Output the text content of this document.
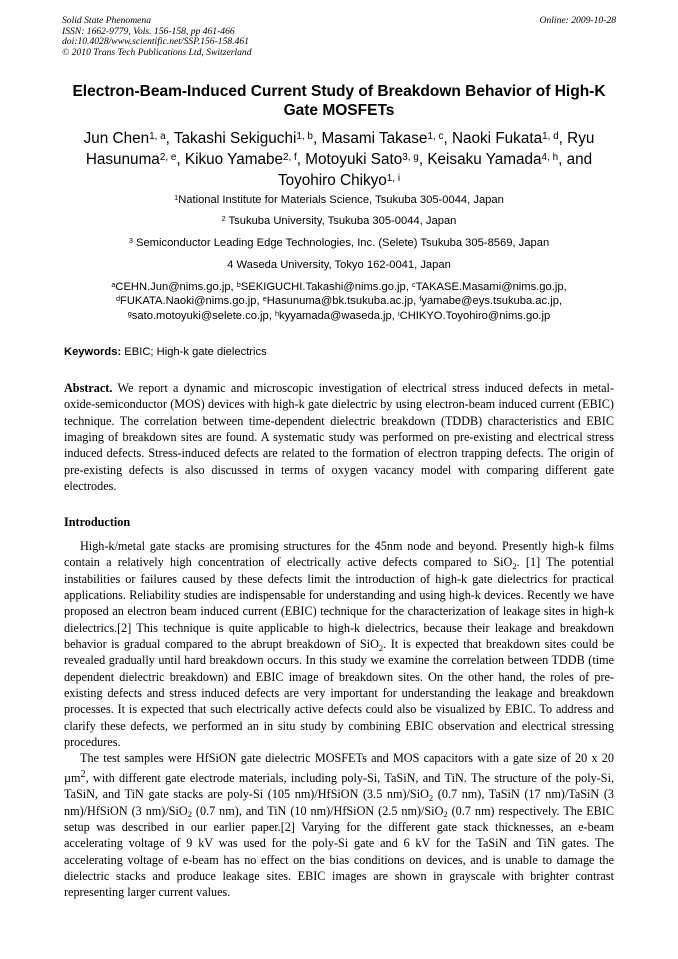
Solid State Phenomena
ISSN: 1662-9779, Vols. 156-158, pp 461-466
doi:10.4028/www.scientific.net/SSP.156-158.461
© 2010 Trans Tech Publications Ltd, Switzerland
Online: 2009-10-28
Electron-Beam-Induced Current Study of Breakdown Behavior of High-K Gate MOSFETs
Jun Chen$^{1, a}$, Takashi Sekiguchi$^{1, b}$, Masami Takase$^{1, c}$, Naoki Fukata$^{1, d}$, Ryu Hasunuma$^{2, e}$, Kikuo Yamabe$^{2, f}$, Motoyuki Sato$^{3, g}$, Keisaku Yamada$^{4, h}$, and Toyohiro Chikyo$^{1, i}$
$^1$National Institute for Materials Science, Tsukuba 305-0044, Japan
$^2$ Tsukuba University, Tsukuba 305-0044, Japan
$^3$ Semiconductor Leading Edge Technologies, Inc. (Selete) Tsukuba 305-8569, Japan
4 Waseda University, Tokyo 162-0041, Japan
$^a$CEHN.Jun@nims.go.jp, $^b$SEKIGUCHI.Takashi@nims.go.jp, $^c$TAKASE.Masami@nims.go.jp,
$^d$FUKATA.Naoki@nims.go.jp, $^e$Hasunuma@bk.tsukuba.ac.jp, $^f$yamabe@eys.tsukuba.ac.jp,
$^g$sato.motoyuki@selete.co.jp, $^h$kyyamada@waseda.jp, $^i$CHIKYO.Toyohiro@nims.go.jp
Keywords: EBIC; High-k gate dielectrics

Abstract. We report a dynamic and microscopic investigation of electrical stress induced defects in metal-oxide-semiconductor (MOS) devices with high-k gate dielectric by using electron-beam induced current (EBIC) technique. The correlation between time-dependent dielectric breakdown (TDDB) characteristics and EBIC imaging of breakdown sites are found. A systematic study was performed on pre-existing and electrical stress induced defects. Stress-induced defects are related to the formation of electron trapping defects. The origin of pre-existing defects is also discussed in terms of oxygen vacancy model with comparing different gate electrodes.

Introduction

High-k/metal gate stacks are promising structures for the 45nm node and beyond. Presently high-k films contain a relatively high concentration of electrically active defects compared to SiO$_2$. [1] The potential instabilities or failures caused by these defects limit the introduction of high-k gate dielectrics for practical applications. Reliability studies are indispensable for understanding and using high-k devices. Recently we have proposed an electron beam induced current (EBIC) technique for the characterization of leakage sites in high-k dielectrics.[2] This technique is quite applicable to high-k dielectrics, because their leakage and breakdown behavior is gradual compared to the abrupt breakdown of SiO$_2$. It is expected that breakdown sites could be revealed gradually until hard breakdown occurs. In this study we examine the correlation between TDDB (time dependent dielectric breakdown) and EBIC image of breakdown sites. On the other hand, the roles of pre-existing defects and stress induced defects are very important for understanding the leakage and breakdown processes. It is expected that such electrically active defects could also be visualized by EBIC. To address and clarify these defects, we performed an in situ study by combining EBIC observation and electrical stressing procedures.

The test samples were HfSiON gate dielectric MOSFETs and MOS capacitors with a gate size of 20 x 20 µm$^2$, with different gate electrode materials, including poly-Si, TaSiN, and TiN. The structure of the poly-Si, TaSiN, and TiN gate stacks are poly-Si (105 nm)/HfSiON (3.5 nm)/SiO$_2$ (0.7 nm), TaSiN (17 nm)/TaSiN (3 nm)/HfSiON (3 nm)/SiO$_2$ (0.7 nm), and TiN (10 nm)/HfSiON (2.5 nm)/SiO$_2$ (0.7 nm) respectively. The EBIC setup was described in our earlier paper.[2] Varying for the different gate stack thicknesses, an e-beam accelerating voltage of 9 kV was used for the poly-Si gate and 6 kV for the TaSiN and TiN gates. The accelerating voltage of e-beam has no effect on the bias conditions on devices, and is unable to damage the dielectric stacks and produce leakage sites. EBIC images are shown in grayscale with brighter contrast representing larger current values.
